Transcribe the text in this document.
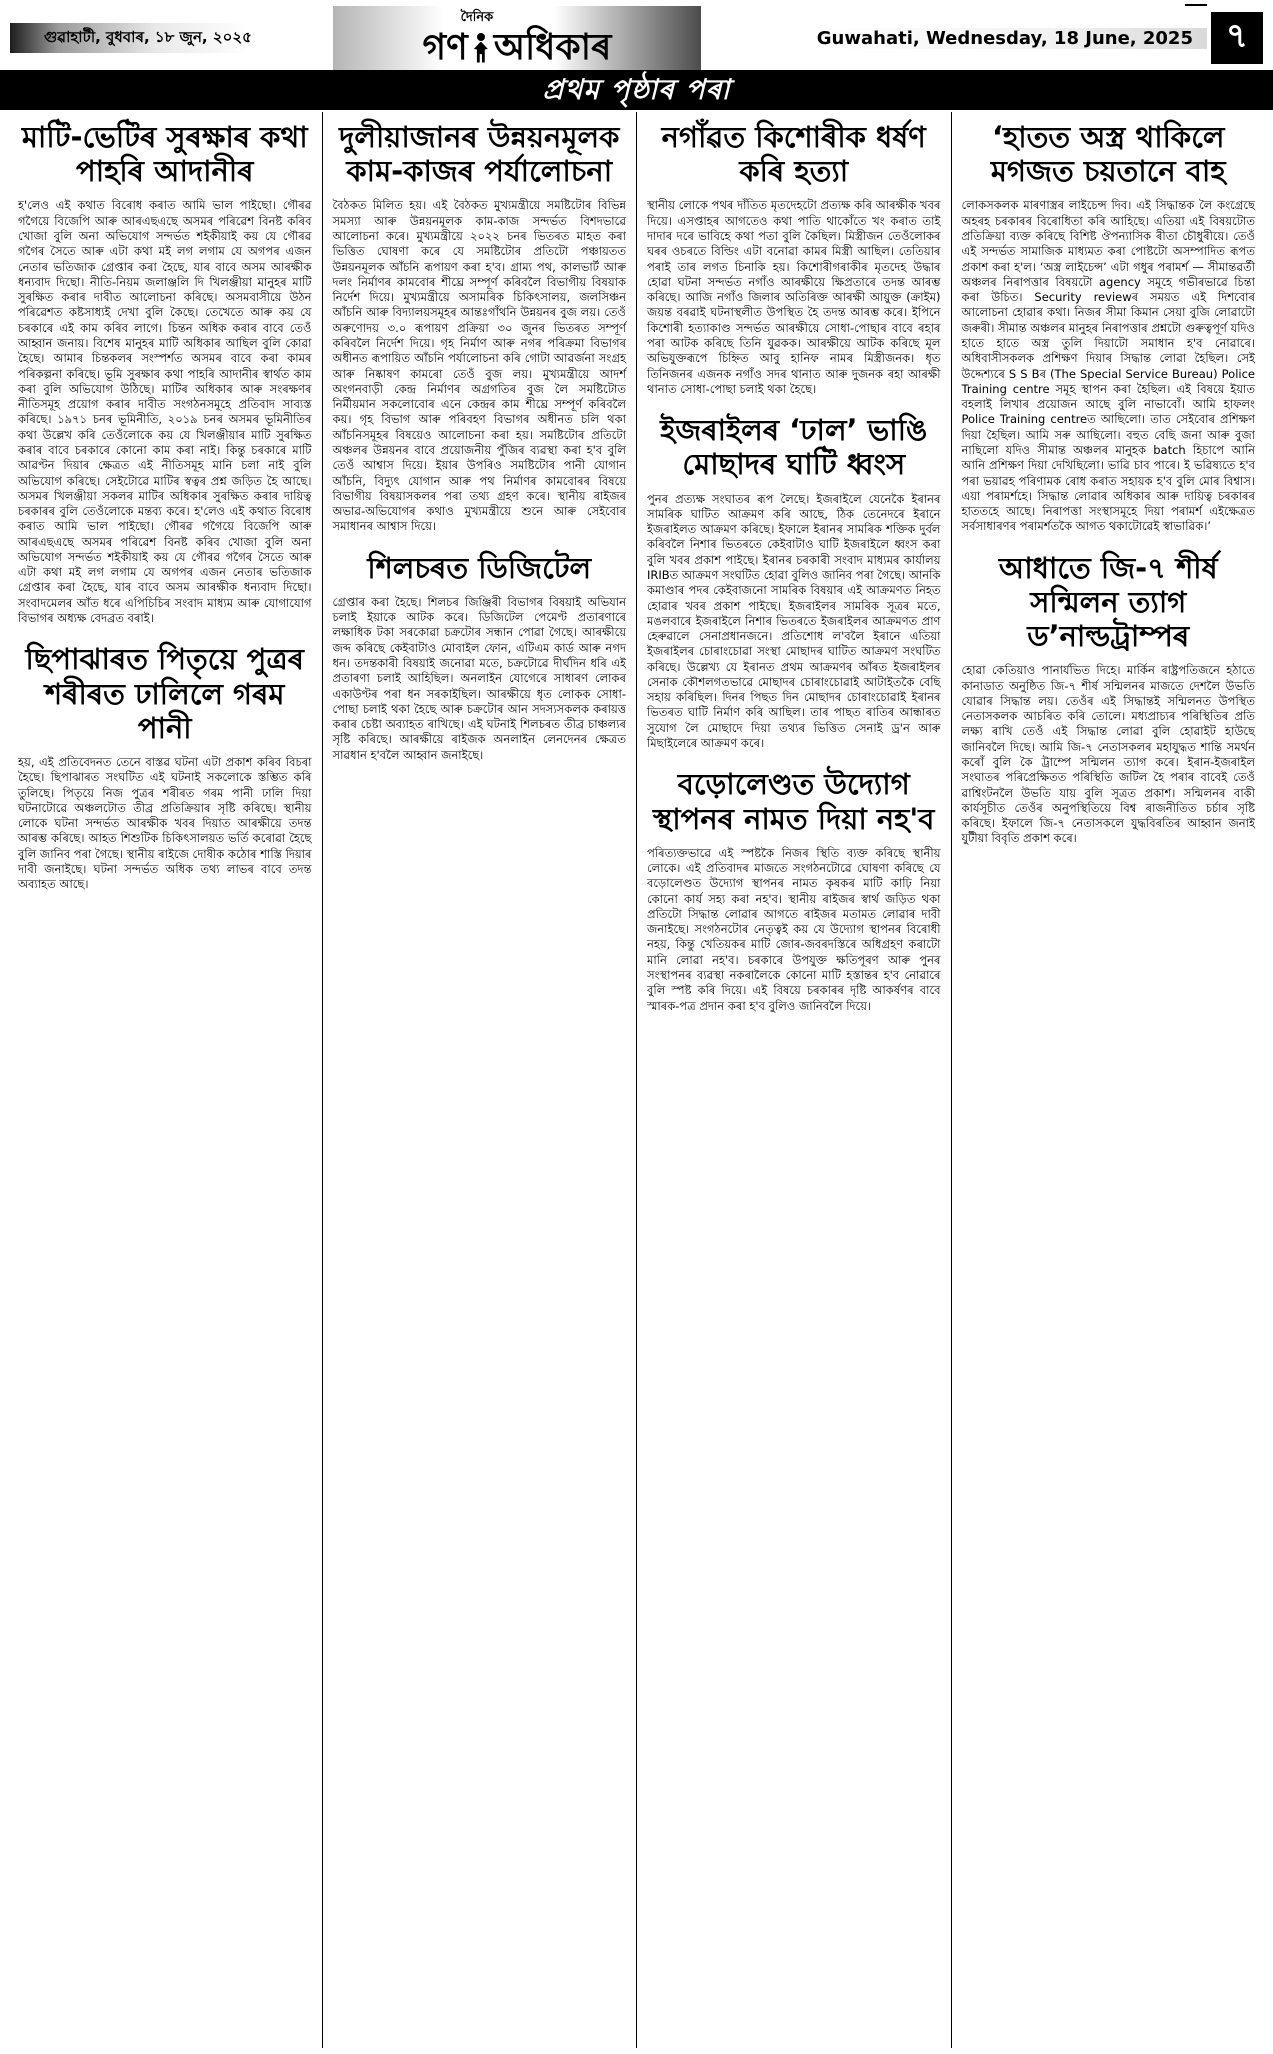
গুৱাহাটী, বুধবাৰ, ১৮ জুন, ২০২৫
দৈনিক
গণ অধিকাৰ	Guwahati, Wednesday, 18 June, 2025 ৭
প্ৰথম পৃষ্ঠাৰ পৰা
মাটি-ভেটিৰ সুৰক্ষাৰ কথা পাহৰি আদানীৰ

হ'লেও এই কথাত বিৰোধ কৰাত আমি ভাল পাইছো। গৌৰৱ গগৈয়ে বিজেপি আৰু আৰএছএছে অসমৰ পৰিৱেশ বিনষ্ট কৰিব খোজা বুলি অনা অভিযোগ সন্দৰ্ভত শইকীয়াই কয় যে গৌৰৱ গগৈৰ সৈতে আৰু এটা কথা মই লগ লগাম যে অগপৰ এজন নেতাৰ ভতিজাক গ্ৰেপ্তাৰ কৰা হৈছে, যাৰ বাবে অসম আৰক্ষীক ধন্যবাদ দিছো। নীতি-নিয়ম জলাঞ্জলি দি খিলঞ্জীয়া মানুহৰ মাটি সুৰক্ষিত কৰাৰ দাবীত আলোচনা কৰিছে। অসমবাসীয়ে উঠন পৰিৱেশত কষ্টসাধ্যই দেখা বুলি কৈছে। তেখেতে আৰু কয় যে চৰকাৰে এই কাম কৰিব লাগে। চিন্তন অধিক কৰাৰ বাবে তেওঁ আহ্বান জনায়। বিশেষ মানুহৰ মাটি অধিকাৰ আছিল বুলি কোৱা হৈছে। আমাৰ চিন্তকলৰ সংস্পৰ্শত অসমৰ বাবে কৰা কামৰ পৰিকল্পনা কৰিছে। ভূমি সুৰক্ষাৰ কথা পাহৰি আদানীৰ স্বাৰ্থত কাম কৰা বুলি অভিযোগ উঠিছে। মাটিৰ অধিকাৰ আৰু সংৰক্ষণৰ নীতিসমূহ প্ৰয়োগ কৰাৰ দাবীত সংগঠনসমূহে প্ৰতিবাদ সাব্যস্ত কৰিছে। ১৯৭১ চনৰ ভূমিনীতি, ২০১৯ চনৰ অসমৰ ভূমিনীতিৰ কথা উল্লেখ কৰি তেওঁলোকে কয় যে খিলঞ্জীয়াৰ মাটি সুৰক্ষিত কৰাৰ বাবে চৰকাৰে কোনো কাম কৰা নাই। কিন্তু চৰকাৰে মাটি আৱণ্টন দিয়াৰ ক্ষেত্ৰত এই নীতিসমূহ মানি চলা নাই বুলি অভিযোগ কৰিছে। সেইটোৱে মাটিৰ স্বত্বৰ প্ৰশ্ন জড়িত হৈ আছে। অসমৰ খিলঞ্জীয়া সকলৰ মাটিৰ অধিকাৰ সুৰক্ষিত কৰাৰ দায়িত্ব চৰকাৰৰ বুলি তেওঁলোকে মন্তব্য কৰে। হ'লেও এই কথাত বিৰোধ কৰাত আমি ভাল পাইছো। গৌৰৱ গগৈয়ে বিজেপি আৰু আৰএছএছে অসমৰ পৰিৱেশ বিনষ্ট কৰিব খোজা বুলি অনা অভিযোগ সন্দৰ্ভত শইকীয়াই কয় যে গৌৰৱ গগৈৰ সৈতে আৰু এটা কথা মই লগ লগাম যে অগপৰ এজন নেতাৰ ভতিজাক গ্ৰেপ্তাৰ কৰা হৈছে, যাৰ বাবে অসম আৰক্ষীক ধন্যবাদ দিছো। সংবাদমেলৰ আঁত ধৰে এপিচিচিৰ সংবাদ মাধ্যম আৰু যোগাযোগ বিভাগৰ অধ্যক্ষ বেদব্ৰত বৰাই।

ছিপাঝাৰত পিতৃয়ে পুত্ৰৰ শৰীৰত ঢালিলে গৰম পানী

হয়, এই প্ৰতিবেদনত তেনে বাস্তৱ ঘটনা এটা প্ৰকাশ কৰিব বিচৰা হৈছে। ছিপাঝাৰত সংঘটিত এই ঘটনাই সকলোকে স্তম্ভিত কৰি তুলিছে। পিতৃয়ে নিজ পুত্ৰৰ শৰীৰত গৰম পানী ঢালি দিয়া ঘটনাটোৱে অঞ্চলটোত তীব্ৰ প্ৰতিক্ৰিয়াৰ সৃষ্টি কৰিছে। স্থানীয় লোকে ঘটনা সন্দৰ্ভত আৰক্ষীক খবৰ দিয়াত আৰক্ষীয়ে তদন্ত আৰম্ভ কৰিছে। আহত শিশুটিক চিকিৎসালয়ত ভৰ্তি কৰোৱা হৈছে বুলি জানিব পৰা গৈছে। স্থানীয় ৰাইজে দোষীক কঠোৰ শাস্তি দিয়াৰ দাবী জনাইছে। ঘটনা সন্দৰ্ভত অধিক তথ্য লাভৰ বাবে তদন্ত অব্যাহত আছে।

দুলীয়াজানৰ উন্নয়নমূলক কাম-কাজৰ পৰ্যালোচনা

বৈঠকত মিলিত হয়। এই বৈঠকত মুখ্যমন্ত্ৰীয়ে সমষ্টিটোৰ বিভিন্ন সমস্যা আৰু উন্নয়নমূলক কাম-কাজ সন্দৰ্ভত বিশদভাৱে আলোচনা কৰে। মুখ্যমন্ত্ৰীয়ে ২০২২ চনৰ ভিতৰত মাহত কৰা ভিত্তিত ঘোষণা কৰে যে সমষ্টিটোৰ প্ৰতিটো পঞ্চায়তত উন্নয়নমূলক আঁচনি ৰূপায়ণ কৰা হ'ব। গ্ৰাম্য পথ, কালভাৰ্ট আৰু দলং নিৰ্মাণৰ কামবোৰ শীঘ্ৰে সম্পূৰ্ণ কৰিবলৈ বিভাগীয় বিষয়াক নিৰ্দেশ দিয়ে। মুখ্যমন্ত্ৰীয়ে অসামৰিক চিকিৎসালয়, জলসিঞ্চন আঁচনি আৰু বিদ্যালয়সমূহৰ আন্তঃগাঁথনি উন্নয়নৰ বুজ লয়। তেওঁ অৰুণোদয় ৩.০ ৰূপায়ণ প্ৰক্ৰিয়া ৩০ জুনৰ ভিতৰত সম্পূৰ্ণ কৰিবলৈ নিৰ্দেশ দিয়ে। গৃহ নিৰ্মাণ আৰু নগৰ পৰিক্ৰমা বিভাগৰ অধীনত ৰূপায়িত আঁচনি পৰ্যালোচনা কৰি গোটা আৱৰ্জনা সংগ্ৰহ আৰু নিষ্কাষণ কামৰো তেওঁ বুজ লয়। মুখ্যমন্ত্ৰীয়ে আদৰ্শ অংগনবাড়ী কেন্দ্ৰ নিৰ্মাণৰ অগ্ৰগতিৰ বুজ লৈ সমষ্টিটোত নিৰ্মীয়মান সকলোবোৰ এনে কেন্দ্ৰৰ কাম শীঘ্ৰে সম্পূৰ্ণ কৰিবলৈ কয়। গৃহ বিভাগ আৰু পৰিবহণ বিভাগৰ অধীনত চলি থকা আঁচনিসমূহৰ বিষয়েও আলোচনা কৰা হয়। সমষ্টিটোৰ প্ৰতিটো অঞ্চলৰ উন্নয়নৰ বাবে প্ৰয়োজনীয় পুঁজিৰ ব্যৱস্থা কৰা হ'ব বুলি তেওঁ আশ্বাস দিয়ে। ইয়াৰ উপৰিও সমষ্টিটোৰ পানী যোগান আঁচনি, বিদ্যুৎ যোগান আৰু পথ নিৰ্মাণৰ কামবোৰৰ বিষয়ে বিভাগীয় বিষয়াসকলৰ পৰা তথ্য গ্ৰহণ কৰে। স্থানীয় ৰাইজৰ অভাৱ-অভিযোগৰ কথাও মুখ্যমন্ত্ৰীয়ে শুনে আৰু সেইবোৰ সমাধানৰ আশ্বাস দিয়ে।

শিলচৰত ডিজিটেল

গ্ৰেপ্তাৰ কৰা হৈছে। শিলচৰ জিঞ্জিৰী বিভাগৰ বিষয়াই অভিযান চলাই ইয়াকে আটক কৰে। ডিজিটেল পেমেণ্ট প্ৰতাৰণাৰে লক্ষাধিক টকা সৰকোৱা চক্ৰটোৰ সন্ধান পোৱা গৈছে। আৰক্ষীয়ে জব্দ কৰিছে কেইবাটাও মোবাইল ফোন, এটিএম কাৰ্ড আৰু নগদ ধন। তদন্তকাৰী বিষয়াই জনোৱা মতে, চক্ৰটোৱে দীৰ্ঘদিন ধৰি এই প্ৰতাৰণা চলাই আহিছিল। অনলাইন যোগেৰে সাধাৰণ লোকৰ একাউণ্টৰ পৰা ধন সৰকাইছিল। আৰক্ষীয়ে ধৃত লোকক সোধা-পোছা চলাই থকা হৈছে আৰু চক্ৰটোৰ আন সদস্যসকলক কৰায়ত্ত কৰাৰ চেষ্টা অব্যাহত ৰাখিছে। এই ঘটনাই শিলচৰত তীব্ৰ চাঞ্চল্যৰ সৃষ্টি কৰিছে। আৰক্ষীয়ে ৰাইজক অনলাইন লেনদেনৰ ক্ষেত্ৰত সাৱধান হ'বলৈ আহ্বান জনাইছে।

নগাঁৱত কিশোৰীক ধৰ্ষণ কৰি হত্যা

স্থানীয় লোকে পথৰ দাঁতিত মৃতদেহটো প্ৰত্যক্ষ কৰি আৰক্ষীক খবৰ দিয়ে। এসপ্তাহৰ আগতেও কথা পাতি থাকোঁতে খং কৰাত তাই দাদাৰ দৰে ভাবিহে কথা পতা বুলি কৈছিল। মিস্ত্ৰীজন তেওঁলোকৰ ঘৰৰ ওচৰতে বিল্ডিং এটা বনোৱা কামৰ মিস্ত্ৰী আছিল। তেতিয়াৰ পৰাই তাৰ লগত চিনাকি হয়। কিশোৰীগৰাকীৰ মৃতদেহ উদ্ধাৰ হোৱা ঘটনা সন্দৰ্ভত নগাঁও আৰক্ষীয়ে ক্ষিপ্ৰতাৰে তদন্ত আৰম্ভ কৰিছে। আজি নগাঁও জিলাৰ অতিৰিক্ত আৰক্ষী আয়ুক্ত (ক্ৰাইম) জয়ন্ত বৰৱাই ঘটনাস্থলীত উপস্থিত হৈ তদন্ত আৰম্ভ কৰে। ইপিনে কিশোৰী হত্যাকাণ্ড সন্দৰ্ভত আৰক্ষীয়ে সোধা-পোছাৰ বাবে ৰহাৰ পৰা আটক কৰিছে তিনি যুৱকক। আৰক্ষীয়ে আটক কৰিছে মূল অভিযুক্তৰূপে চিহ্নিত আবু হানিফ নামৰ মিস্ত্ৰীজনক। ধৃত তিনিজনৰ এজনক নগাঁও সদৰ থানাত আৰু দুজনক ৰহা আৰক্ষী থানাত সোধা-পোছা চলাই থকা হৈছে।

ইজৰাইলৰ ‘ঢাল’ ভাঙি মোছাদৰ ঘাটি ধ্বংস

পুনৰ প্ৰত্যক্ষ সংঘাতৰ ৰূপ লৈছে। ইজৰাইলে যেনেকৈ ইৰানৰ সামৰিক ঘাটিত আক্ৰমণ কৰি আছে, ঠিক তেনেদৰে ইৰানে ইজৰাইলত আক্ৰমণ কৰিছে। ইফালে ইৰানৰ সামৰিক শক্তিক দুৰ্বল কৰিবলৈ নিশাৰ ভিতৰতে কেইবাটাও ঘাটি ইজৰাইলে ধ্বংস কৰা বুলি খবৰ প্ৰকাশ পাইছে। ইৰানৰ চৰকাৰী সংবাদ মাধ্যমৰ কাৰ্যালয় IRIBত আক্ৰমণ সংঘটিত হোৱা বুলিও জানিব পৰা গৈছে। আনকি কমাণ্ডাৰ পদৰ কেইবাজনো সামৰিক বিষয়াৰ এই আক্ৰমণত নিহত হোৱাৰ খবৰ প্ৰকাশ পাইছে। ইজৰাইলৰ সামৰিক সূত্ৰৰ মতে, মঙলবাৰে ইজৰাইলে নিশাৰ ভিতৰতে ইজৰাইলৰ আক্ৰমণত প্ৰাণ হেৰুৱালে সেনাপ্ৰধানজনে। প্ৰতিশোধ ল'বলৈ ইৰানে এতিয়া ইজৰাইলৰ চোৰাংচোৱা সংস্থা মোছাদৰ ঘাটিত আক্ৰমণ সংঘটিত কৰিছে। উল্লেখ্য যে ইৰানত প্ৰথম আক্ৰমণৰ আঁৰত ইজৰাইলৰ সেনাক কৌশলগতভাৱে মোছাদৰ চোৰাংচোৱাই আটাইতকৈ বেছি সহায় কৰিছিল। দিনৰ পিছত দিন মোছাদৰ চোৰাংচোৱাই ইৰানৰ ভিতৰত ঘাটি নিৰ্মাণ কৰি আছিল। তাৰ পাছত ৰাতিৰ আন্ধাৰত সুযোগ লৈ মোছাদে দিয়া তথ্যৰ ভিত্তিত সেনাই ড্ৰ'ন আৰু মিছাইলেৰে আক্ৰমণ কৰে।

বড়োলেণ্ডত উদ্যোগ স্থাপনৰ নামত দিয়া নহ'ব

পৰিত্যক্তভাৱে এই স্পষ্টকৈ নিজৰ স্থিতি ব্যক্ত কৰিছে স্থানীয় লোকে। এই প্ৰতিবাদৰ মাজতে সংগঠনটোৱে ঘোষণা কৰিছে যে বড়োলেণ্ডত উদ্যোগ স্থাপনৰ নামত কৃষকৰ মাটি কাঢ়ি নিয়া কোনো কাৰ্য সহ্য কৰা নহ'ব। স্থানীয় ৰাইজৰ স্বাৰ্থ জড়িত থকা প্ৰতিটো সিদ্ধান্ত লোৱাৰ আগতে ৰাইজৰ মতামত লোৱাৰ দাবী জনাইছে। সংগঠনটোৰ নেতৃত্বই কয় যে উদ্যোগ স্থাপনৰ বিৰোধী নহয়, কিন্তু খেতিয়কৰ মাটি জোৰ-জবৰদস্তিৰে অধিগ্ৰহণ কৰাটো মানি লোৱা নহ'ব। চৰকাৰে উপযুক্ত ক্ষতিপূৰণ আৰু পুনৰ সংস্থাপনৰ ব্যৱস্থা নকৰালৈকে কোনো মাটি হস্তান্তৰ হ'ব নোৱাৰে বুলি স্পষ্ট কৰি দিয়ে। এই বিষয়ে চৰকাৰৰ দৃষ্টি আকৰ্ষণৰ বাবে স্মাৰক-পত্ৰ প্ৰদান কৰা হ'ব বুলিও জানিবলৈ দিয়ে।

‘হাতত অস্ত্ৰ থাকিলে মগজত চয়তানে বাহ

লোকসকলক মাৰণাস্ত্ৰৰ লাইচেন্স দিব। এই সিদ্ধান্তক লৈ কংগ্ৰেছে অহৰহ চৰকাৰৰ বিৰোধিতা কৰি আহিছে। এতিয়া এই বিষয়টোত প্ৰতিক্ৰিয়া ব্যক্ত কৰিছে বিশিষ্ট ঔপন্যাসিক ৰীতা চৌধুৰীয়ে। তেওঁ এই সন্দৰ্ভত সামাজিক মাধ্যমত কৰা পোষ্টটো অসম্পাদিত ৰূপত প্ৰকাশ কৰা হ'ল। ‘অস্ত্ৰ লাইচেন্স’ এটা গধুৰ পৰামৰ্শ — সীমান্তৱৰ্তী অঞ্চলৰ নিৰাপত্তাৰ বিষয়টো agency সমূহে গভীৰভাৱে চিন্তা কৰা উচিত। Security reviewৰ সময়ত এই দিশবোৰ আলোচনা হোৱাৰ কথা। নিজৰ সীমা কিমান সেয়া বুজি লোৱাটো জৰুৰী। সীমান্ত অঞ্চলৰ মানুহৰ নিৰাপত্তাৰ প্ৰশ্নটো গুৰুত্বপূৰ্ণ যদিও হাতে হাতে অস্ত্ৰ তুলি দিয়াটো সমাধান হ'ব নোৱাৰে। অধিবাসীসকলক প্ৰশিক্ষণ দিয়াৰ সিদ্ধান্ত লোৱা হৈছিল। সেই উদ্দেশ্যৰে S S Bৰ (The Special Service Bureau) Police Training centre সমূহ স্থাপন কৰা হৈছিল। এই বিষয়ে ইয়াত বহলাই লিখাৰ প্ৰয়োজন আছে বুলি নাভাবোঁ। আমি হাফলং Police Training centreত আছিলো। তাত সেইবোৰ প্ৰশিক্ষণ দিয়া হৈছিল। আমি সৰু আছিলো। বহুত বেছি জনা আৰু বুজা নাছিলো যদিও সীমান্ত অঞ্চলৰ মানুহক batch হিচাপে আনি আনি প্ৰশিক্ষণ দিয়া দেখিছিলো। ভাৱি চাব পাৰে। ই ভৱিষ্যতে হ'ব পৰা ভয়াৱহ পৰিণামক ৰোধ কৰাত সহায়ক হ'ব বুলি মোৰ বিশ্বাস। এয়া পৰামৰ্শহে। সিদ্ধান্ত লোৱাৰ অধিকাৰ আৰু দায়িত্ব চৰকাৰৰ হাততহে আছে। নিৰাপত্তা সংস্থাসমূহে দিয়া পৰামৰ্শ এইক্ষেত্ৰত সৰ্বসাধাৰণৰ পৰামৰ্শতকৈ আগত থকাটোৱেই স্বাভাৱিক।’

আধাতে জি-৭ শীৰ্ষ সন্মিলন ত্যাগ ড’নাল্ডট্ৰাম্পৰ

হোৱা কেতিয়াও পানাৰ্যভিত দিহে। মাৰ্কিন ৰাষ্ট্ৰপতিজনে হঠাতে কানাডাত অনুষ্ঠিত জি-৭ শীৰ্ষ সন্মিলনৰ মাজতে দেশলৈ উভতি যোৱাৰ সিদ্ধান্ত লয়। তেওঁৰ এই সিদ্ধান্তই সন্মিলনত উপস্থিত নেতাসকলক আচৰিত কৰি তোলে। মধ্যপ্ৰাচ্যৰ পৰিস্থিতিৰ প্ৰতি লক্ষ্য ৰাখি তেওঁ এই সিদ্ধান্ত লোৱা বুলি হোৱাইট হাউছে জানিবলৈ দিছে। আমি জি-৭ নেতাসকলৰ মহাযুদ্ধত শান্তি সমৰ্থন কৰোঁ বুলি কৈ ট্ৰাম্পে সন্মিলন ত্যাগ কৰে। ইৰান-ইজৰাইল সংঘাতৰ পৰিপ্ৰেক্ষিতত পৰিস্থিতি জটিল হৈ পৰাৰ বাবেই তেওঁ ৱাশ্বিংটনলৈ উভতি যায় বুলি সূত্ৰত প্ৰকাশ। সন্মিলনৰ বাকী কাৰ্যসূচীত তেওঁৰ অনুপস্থিতিয়ে বিশ্ব ৰাজনীতিত চৰ্চাৰ সৃষ্টি কৰিছে। ইফালে জি-৭ নেতাসকলে যুদ্ধবিৰতিৰ আহ্বান জনাই যুটীয়া বিবৃতি প্ৰকাশ কৰে।
